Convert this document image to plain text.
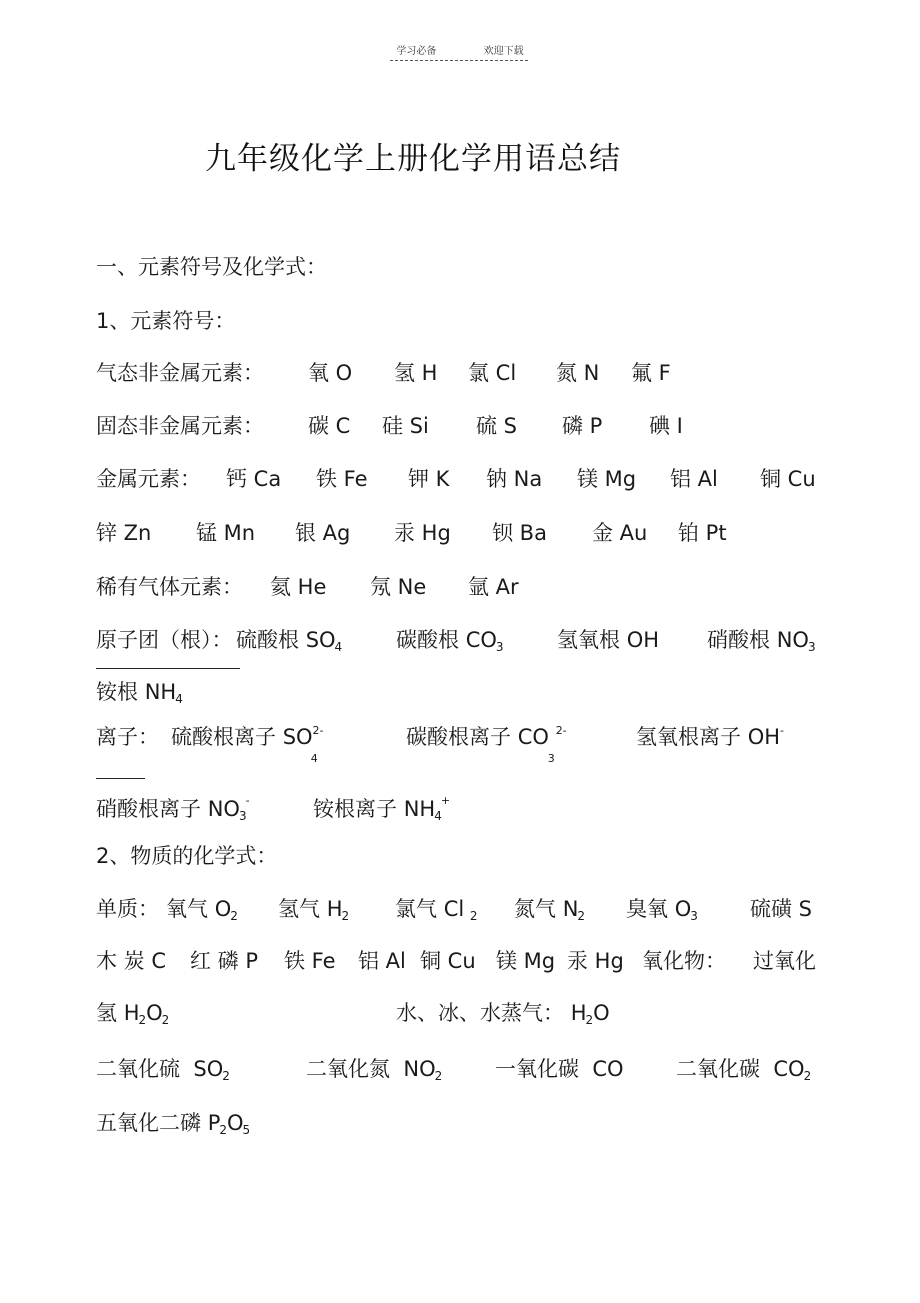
学习必备	欢迎下载
九年级化学上册化学用语总结
一、元素符号及化学式：
1、元素符号：
气态非金属元素： 氧 O 氢 H 氯 Cl 氮 N 氟 F
固态非金属元素： 碳 C 硅 Si 硫 S 磷 P 碘 I
金属元素： 钙 Ca 铁 Fe 钾 K 钠 Na 镁 Mg 铝 Al 铜 Cu
锌 Zn 锰 Mn 银 Ag 汞 Hg 钡 Ba 金 Au 铂 Pt
稀有气体元素： 氦 He 氖 Ne 氩 Ar
原子团（根）： 硫酸根 $SO_4$	碳酸根 $CO_3$	氢氧根 OH 硝酸根 $NO_3$
铵根 $NH_4$
离子： 硫酸根离子 SO 2-
4
碳酸根离子 CO 2-
3
氢氧根离子 OH -
硝酸根离子 $NO_3^-$	铵根离子 $NH_4^+$
2、物质的化学式：
单质： 氧气 $O_2$ 氢气 $H_2$ 氯气 Cl $_2$ 氮气 $N_2$ 臭氧 $O_3$ 硫磺 S
木 炭 C 红 磷 P 铁 Fe 铝 Al 铜 Cu 镁 Mg 汞 Hg 氧化物： 过氧化
氢 $H_2O_2$	水、冰、水蒸气： $H_2O$
二氧化硫 $SO_2$	二氧化氮 $NO_2$	一氧化碳 CO 二氧化碳 $CO_2$
五氧化二磷 $P_2O_5$
